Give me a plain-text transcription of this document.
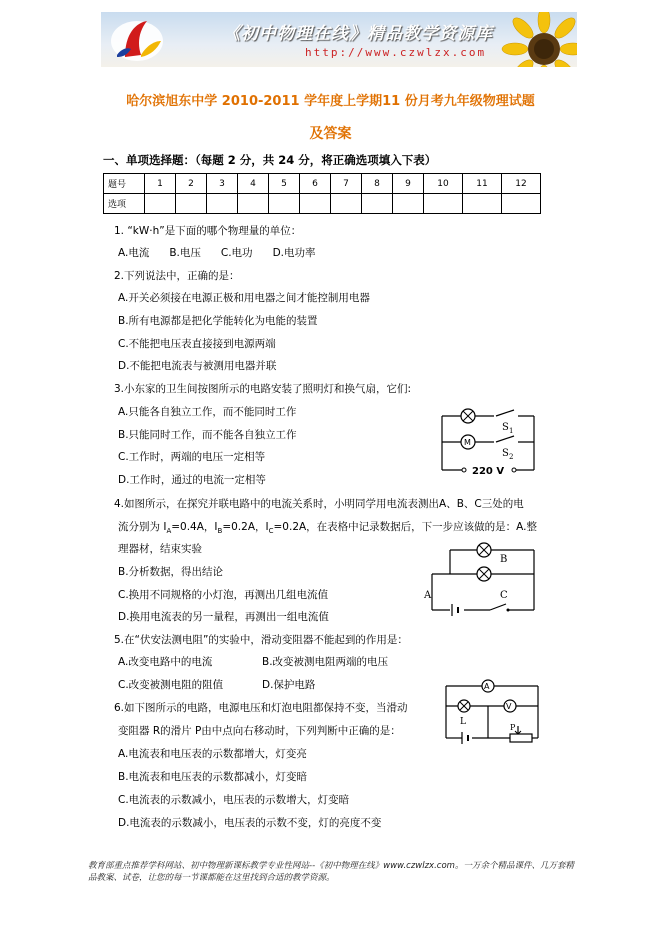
《初中物理在线》精品教学资源库
http://www.czwlzx.com
哈尔滨旭东中学 2010-2011 学年度上学期11 份月考九年级物理试题
及答案
一、单项选择题：（每题 2 分，共 24 分，将正确选项填入下表）
题号	1	2	3	4	5	6	7	8	9	10	11	12
选项												
1. “kW·h”是下面的哪个物理量的单位：
A.电流 B.电压 C.电功 D.电功率
2.下列说法中，正确的是：
A.开关必须接在电源正极和用电器之间才能控制用电器
B.所有电源都是把化学能转化为电能的装置
C.不能把电压表直接接到电源两端
D.不能把电流表与被测用电器并联
3.小东家的卫生间按图所示的电路安装了照明灯和换气扇，它们:
A.只能各自独立工作，而不能同时工作
B.只能同时工作，而不能各自独立工作
C.工作时，两端的电压一定相等
D.工作时，通过的电流一定相等
S 1
M
S 2
220 V
4.如图所示，在探究并联电路中的电流关系时，小明同学用电流表测出A、B、C三处的电
流分别为 $I_A=0.4A$，$I_B=0.2A$，$I_C=0.2A$，在表格中记录数据后，下一步应该做的是：A.整
理器材，结束实验
B.分析数据，得出结论
C.换用不同规格的小灯泡，再测出几组电流值
D.换用电流表的另一量程，再测出一组电流值
A
B
C
5.在“伏安法测电阻”的实验中，滑动变阻器不能起到的作用是：
A.改变电路中的电流	B.改变被测电阻两端的电压
C.改变被测电阻的阻值	D.保护电路
6.如下图所示的电路，电源电压和灯泡电阻都保持不变，当滑动
变阻器 R的滑片 P由中点向右移动时，下列判断中正确的是：
A.电流表和电压表的示数都增大，灯变亮
B.电流表和电压表的示数都减小，灯变暗
C.电流表的示数减小，电压表的示数增大，灯变暗
D.电流表的示数减小，电压表的示数不变，灯的亮度不变
A
L
V
P
教育部重点推荐学科网站、初中物理新课标教学专业性网站--《初中物理在线》www.czwlzx.com。一万余个精品课件、几万套精品教案、试卷，让您的每一节课都能在这里找到合适的教学资源。
